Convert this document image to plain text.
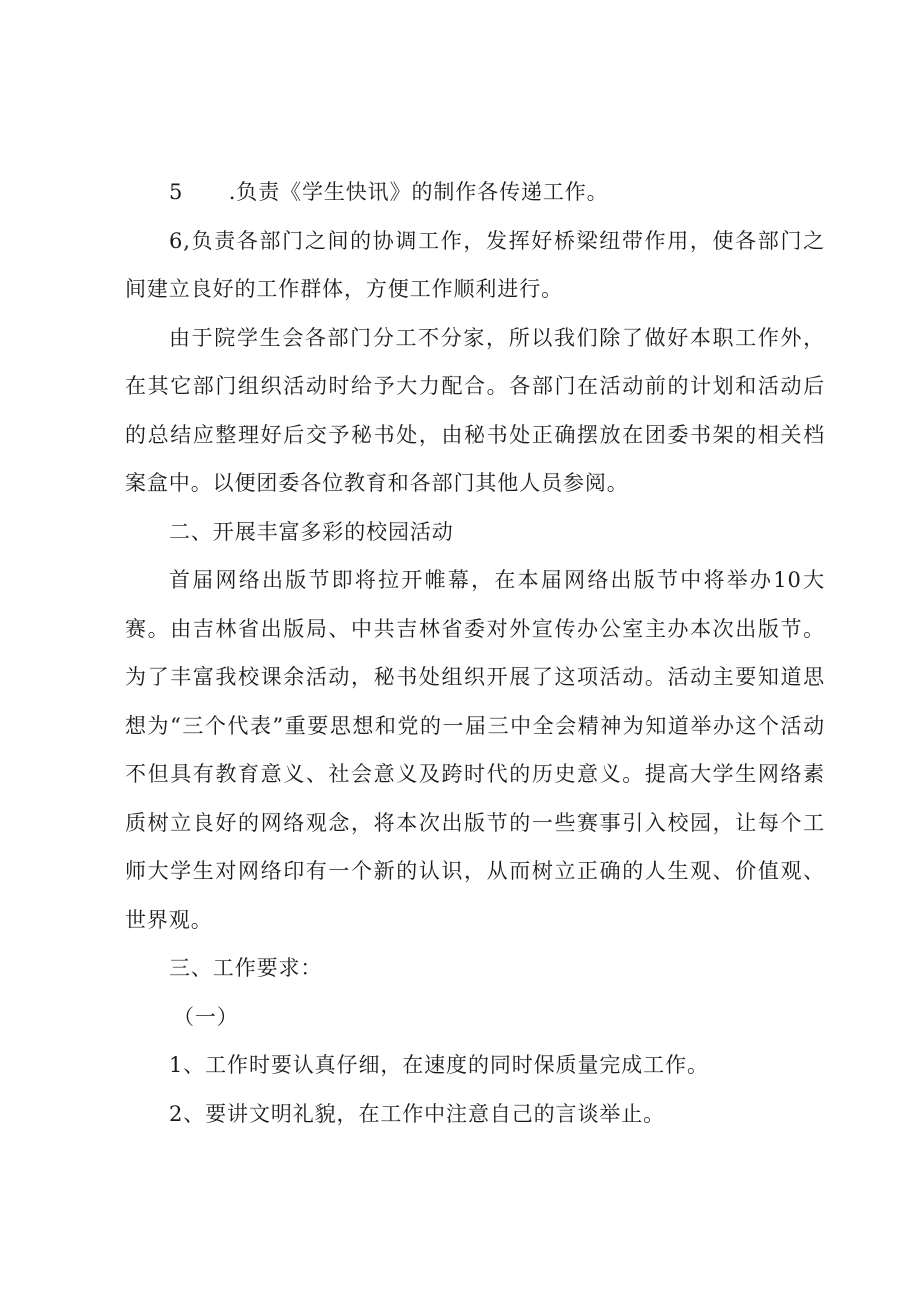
5      .负责《学生快讯》的制作各传递工作。

6,负责各部门之间的协调工作，发挥好桥梁纽带作用，使各部门之间建立良好的工作群体，方便工作顺利进行。

由于院学生会各部门分工不分家，所以我们除了做好本职工作外，在其它部门组织活动时给予大力配合。各部门在活动前的计划和活动后的总结应整理好后交予秘书处，由秘书处正确摆放在团委书架的相关档案盒中。以便团委各位教育和各部门其他人员参阅。

二、开展丰富多彩的校园活动

首届网络出版节即将拉开帷幕，在本届网络出版节中将举办10大赛。由吉林省出版局、中共吉林省委对外宣传办公室主办本次出版节。为了丰富我校课余活动，秘书处组织开展了这项活动。活动主要知道思想为“三个代表”重要思想和党的一届三中全会精神为知道举办这个活动不但具有教育意义、社会意义及跨时代的历史意义。提高大学生网络素质树立良好的网络观念，将本次出版节的一些赛事引入校园，让每个工师大学生对网络印有一个新的认识，从而树立正确的人生观、价值观、世界观。

三、工作要求：

（一）

1、工作时要认真仔细，在速度的同时保质量完成工作。

2、要讲文明礼貌，在工作中注意自己的言谈举止。
